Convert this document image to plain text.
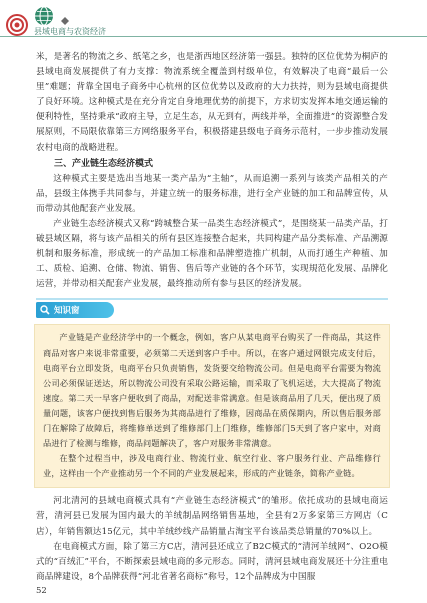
县域电商与农资经济

米，是著名的物流之乡、纸笔之乡，也是浙西地区经济第一强县。独特的区位优势为桐庐的县域电商发展提供了有力支撑：物流系统全覆盖到村级单位，有效解决了电商“最后一公里”难题；背靠全国电子商务中心杭州的区位优势以及政府的大力扶持，则为县域电商提供了良好环境。这种模式是在充分肯定自身地理优势的前提下，方求切实发挥本地交通运输的便利特性，坚持秉承“政府主导，立足生态，从无到有，两线并举，全面推进”的资源整合发展原则，不局限依靠第三方网络服务平台，积极搭建县级电子商务示范村，一步步推动发展农村电商的战略进程。

三、产业链生态经济模式

这种模式主要是选出当地某一类产品为“主轴”，从而追溯一系列与该类产品相关的产品，县级主体携手共同参与，并建立统一的服务标准，进行全产业链的加工和品牌宣传，从而带动其他配套产业发展。

产业链生态经济模式又称“跨城整合某一品类生态经济模式”，是围绕某一品类产品，打破县域区隔，将与该产品相关的所有县区连接整合起来，共同构建产品分类标准、产品溯源机制和服务标准，形成统一的产品加工标准和品牌塑造推广机制，从而打通生产种植、加工、质检、追溯、仓储、物流、销售、售后等产业链的各个环节，实现規范化发展、品牌化运营，并带动相关配套产业发展，最终推动所有参与县区的经济发展。

知识窗

产业链是产业经济学中的一个概念，例如，客户从某电商平台购买了一件商品，其这件商品对客户来说非常重要，必须第二天送到客户手中。所以，在客户通过网银完成支付后，电商平台立即发货，电商平台只负责销售，发货要交给物流公司。但是电商平台需要为物流公司必须保证送达，所以物流公司没有采取公路运输，而采取了飞机运送，大大提高了物流速度。第二天一早客户便收到了商品，对配送非常满意。但是该商品用了几天，便出现了质量问题，该客户便找到售后服务为其商品进行了维修，因商品在质保期内，所以售后服务部门在解除了故障后，将维修单送到了维修部门上门维修，维修部门5天到了客户家中，对商品进行了检测与维修，商品问题解决了，客户对服务非常满意。

在整个过程当中，涉及电商行业、物流行业、航空行业、客户服务行业、产品维修行业，这样由一个产业推动另一个不同的产业发展起来，形成的产业链条，简称产业链。

河北清河的县域电商模式具有“产业链生态经济模式”的雏形。依托成功的县域电商运营，清河县已发展为国内最大的羊绒制品网络销售基地，全县有2万多家第三方网店（C店），年销售额达15亿元，其中羊绒纱线产品销量占淘宝平台该品类总销量的70%以上。

在电商模式方面，除了第三方C店，清河县还成立了B2C模式的“清河羊绒网”、O2O模式的“百绒汇”平台，不断探索县域电商的多元形态。同时，清河县域电商发展还十分注重电商品牌建设，8个品牌获得“河北省著名商标”称号，12个品牌成为中国服

52
